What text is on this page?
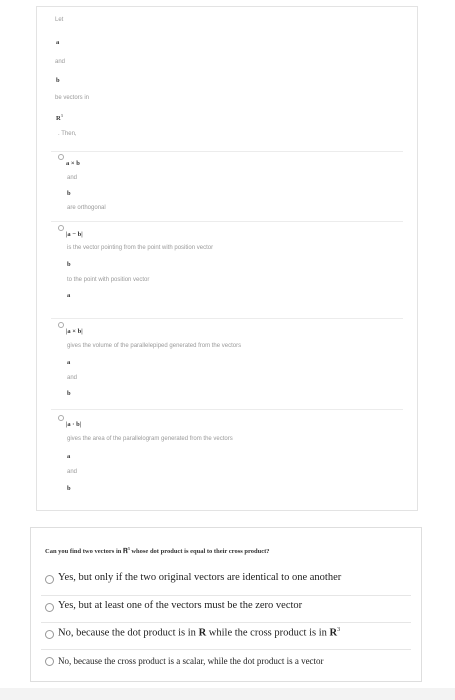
Let
a
and
b
be vectors in
$R^3$
. Then,
a × b
and
b
are orthogonal
|a − b|
is the vector pointing from the point with position vector
b
to the point with position vector
a
|a × b|
gives the volume of the parallelepiped generated from the vectors
a
and
b
|a · b|
gives the area of the parallelogram generated from the vectors
a
and
b
Can you find two vectors in 𝐑$^3$ whose dot product is equal to their cross product?
Yes, but only if the two original vectors are identical to one another
Yes, but at least one of the vectors must be the zero vector
No, because the dot product is in R while the cross product is in $R^3$
No, because the cross product is a scalar, while the dot product is a vector
